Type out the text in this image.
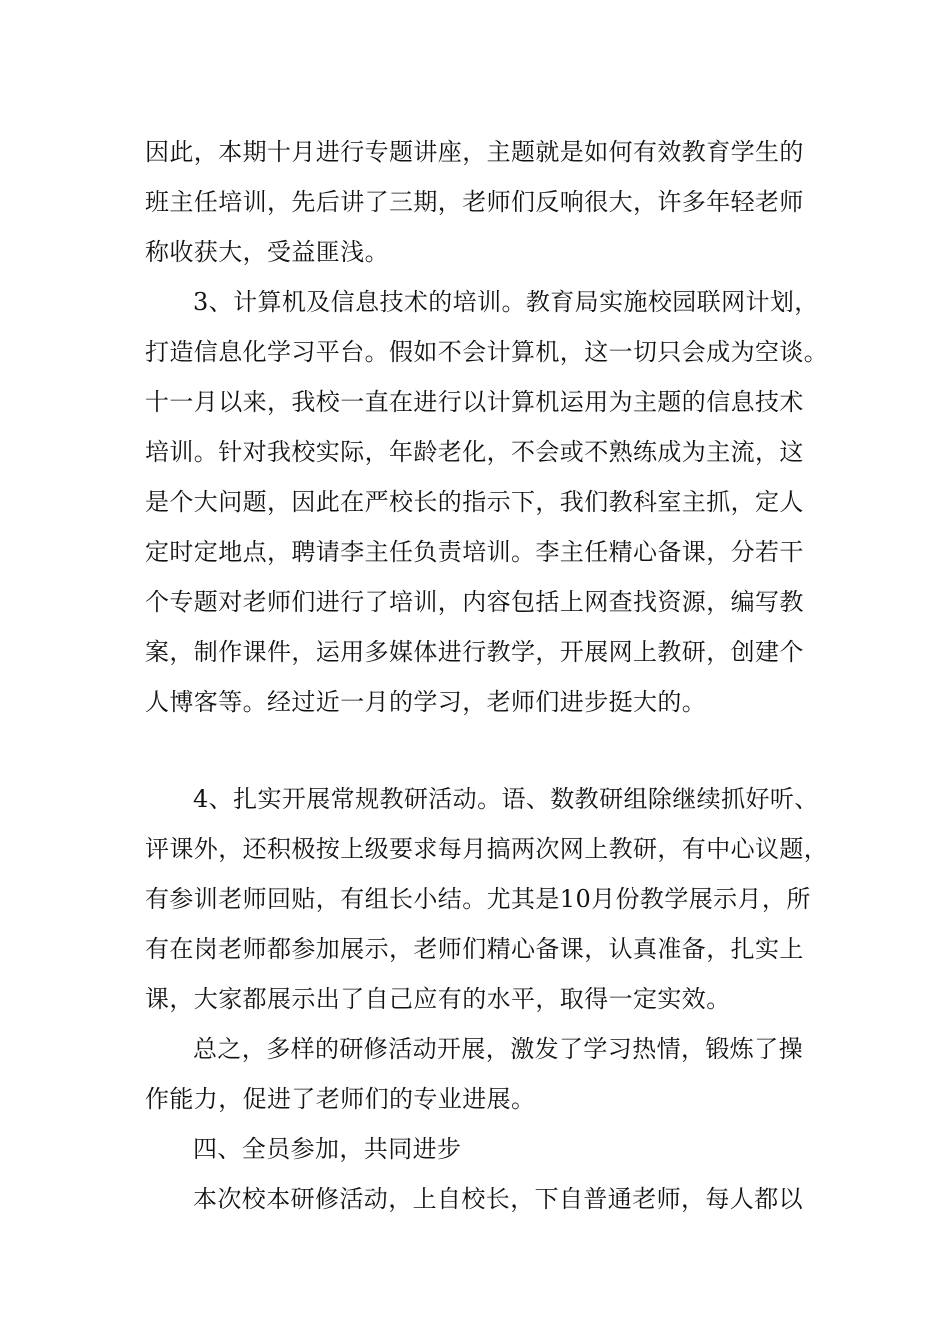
因此，本期十月进行专题讲座，主题就是如何有效教育学生的
班主任培训，先后讲了三期，老师们反响很大，许多年轻老师
称收获大，受益匪浅。
3、计算机及信息技术的培训。教育局实施校园联网计划，
打造信息化学习平台。假如不会计算机，这一切只会成为空谈。
十一月以来，我校一直在进行以计算机运用为主题的信息技术
培训。针对我校实际，年龄老化，不会或不熟练成为主流，这
是个大问题，因此在严校长的指示下，我们教科室主抓，定人
定时定地点，聘请李主任负责培训。李主任精心备课，分若干
个专题对老师们进行了培训，内容包括上网查找资源，编写教
案，制作课件，运用多媒体进行教学，开展网上教研，创建个
人博客等。经过近一月的学习，老师们进步挺大的。
4、扎实开展常规教研活动。语、数教研组除继续抓好听、
评课外，还积极按上级要求每月搞两次网上教研，有中心议题，
有参训老师回贴，有组长小结。尤其是10月份教学展示月，所
有在岗老师都参加展示，老师们精心备课，认真准备，扎实上
课，大家都展示出了自己应有的水平，取得一定实效。
总之，多样的研修活动开展，激发了学习热情，锻炼了操
作能力，促进了老师们的专业进展。
四、全员参加，共同进步
本次校本研修活动，上自校长，下自普通老师，每人都以
